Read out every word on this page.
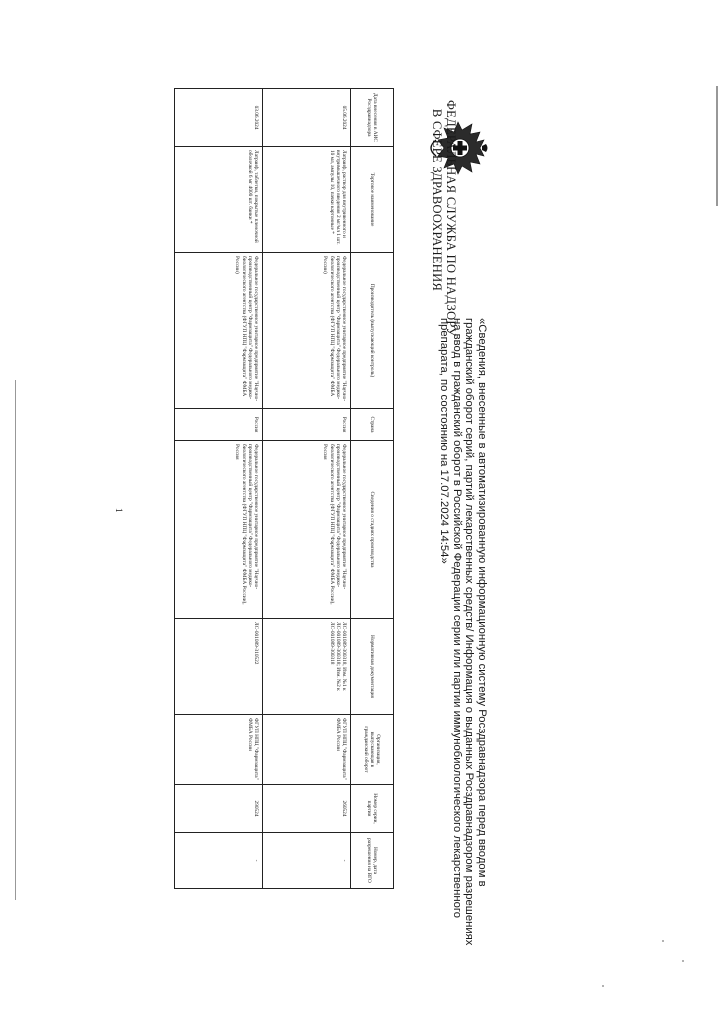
ФЕДЕРАЛЬНАЯ СЛУЖБА ПО НАДЗОРУ
В СФЕРЕ ЗДРАВООХРАНЕНИЯ
«Сведения, внесенные в автоматизированную информационную систему Росздравнадзора перед вводом в
гражданский оборот серий, партий лекарственных средств/ Информация о выданных Росздравнадзором разрешениях
на ввод в гражданский оборот в Российской Федерации серии или партии иммунобиологического лекарственного
препарата, по состоянию на 17.07.2024 14:54»
Дата внесения в АИС Росздравнадзора	Торговое наименование	Производитель (выпускающий контроль)	Страна	Сведения о стадиях производства	Нормативная документация	Организация, выпускающая в гражданский оборот	Номер серии, партии	Номер, дата разрешения на ВГО
05.06.2024	Латраиф, раствор для внутривенного и внутримышечного введения 2 мг/мл 1 шт. 10 мл, ампулы 10, пачки картонные *	Федеральное государственное унитарное предприятие "Научно-производственный центр "Фармзащита" Федерального медико-биологического агентства (ФГУП НПЦ "Фармзащита" ФМБА России)	Россия	Федеральное государственное унитарное предприятие "Научно-производственный центр "Фармзащита" Федерального медико-биологического агентства (ФГУП НПЦ "Фармзащита" ФМБА России), Россия	ЛС-001089-300318, Изм. №1 к ЛС-001089-300318; Изм. №2 к ЛС-001089-300318	ФГУП НПЦ "Фармзащита" ФМБА России	260524	-
03.06.2024	Латраиф, таблетки, покрытые пленочной оболочкой 6 мг 4000 шт. банки *	Федеральное государственное унитарное предприятие "Научно-производственный центр "Фармзащита" Федерального медико-биологического агентства (ФГУП НПЦ "Фармзащита" ФМБА России)	Россия	Федеральное государственное унитарное предприятие "Научно-производственный центр "Фармзащита" Федерального медико-биологического агентства (ФГУП НПЦ "Фармзащита" ФМБА России), Россия	ЛС-001089-310522	ФГУП НПЦ "Фармзащита" ФМБА России	290524	-
1
